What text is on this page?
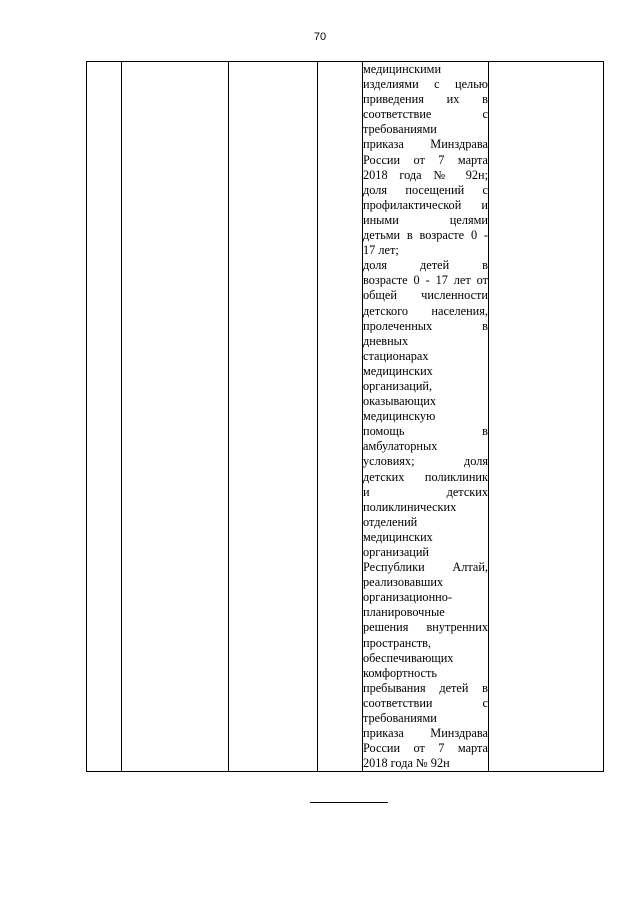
70

медицинскими
изделиями с целью
приведения их в
соответствие с
требованиями
приказа Минздрава
России от 7 марта
2018 года № 92н;
доля посещений с
профилактической и
иными целями
детьми в возрасте 0 -
17 лет;
доля детей в
возрасте 0 - 17 лет от
общей численности
детского населения,
пролеченных в
дневных
стационарах
медицинских
организаций,
оказывающих
медицинскую
помощь в
амбулаторных
условиях; доля
детских поликлиник
и детских
поликлинических
отделений
медицинских
организаций
Республики Алтай,
реализовавших
организационно-
планировочные
решения внутренних
пространств,
обеспечивающих
комфортность
пребывания детей в
соответствии с
требованиями
приказа Минздрава
России от 7 марта
2018 года № 92н
